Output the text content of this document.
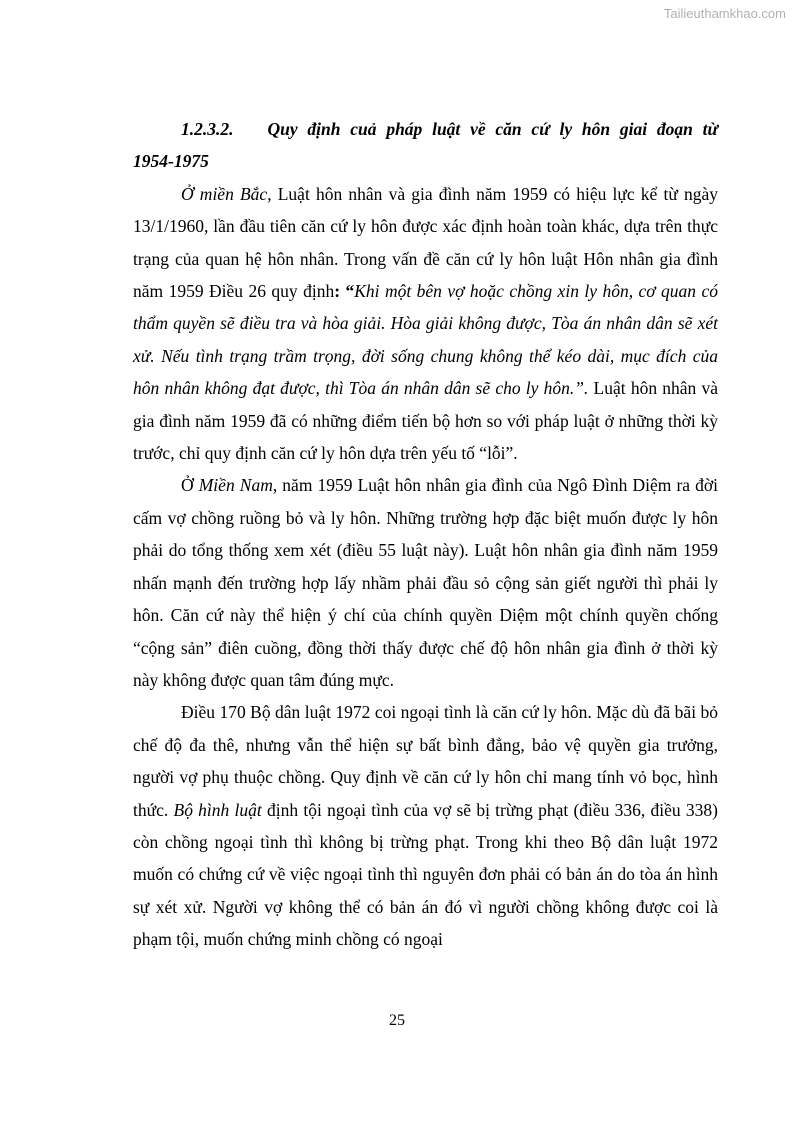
Tailieuthamkhao.com
1.2.3.2. Quy định cuả pháp luật về căn cứ ly hôn giai đoạn từ
1954-1975

Ở miền Bắc, Luật hôn nhân và gia đình năm 1959 có hiệu lực kể từ ngày 13/1/1960, lần đầu tiên căn cứ ly hôn được xác định hoàn toàn khác, dựa trên thực trạng của quan hệ hôn nhân. Trong vấn đề căn cứ ly hôn luật Hôn nhân gia đình năm 1959 Điều 26 quy định: “Khi một bên vợ hoặc chồng xin ly hôn, cơ quan có thẩm quyền sẽ điều tra và hòa giải. Hòa giải không được, Tòa án nhân dân sẽ xét xử. Nếu tình trạng trầm trọng, đời sống chung không thể kéo dài, mục đích của hôn nhân không đạt được, thì Tòa án nhân dân sẽ cho ly hôn.”. Luật hôn nhân và gia đình năm 1959 đã có những điểm tiến bộ hơn so với pháp luật ở những thời kỳ trước, chỉ quy định căn cứ ly hôn dựa trên yếu tố “lỗi”.

Ở Miền Nam, năm 1959 Luật hôn nhân gia đình của Ngô Đình Diệm ra đời cấm vợ chồng ruồng bỏ và ly hôn. Những trường hợp đặc biệt muốn được ly hôn phải do tổng thống xem xét (điều 55 luật này). Luật hôn nhân gia đình năm 1959 nhấn mạnh đến trường hợp lấy nhầm phải đầu sỏ cộng sản giết người thì phải ly hôn. Căn cứ này thể hiện ý chí của chính quyền Diệm một chính quyền chống “cộng sản” điên cuồng, đồng thời thấy được chế độ hôn nhân gia đình ở thời kỳ này không được quan tâm đúng mực.

Điều 170 Bộ dân luật 1972 coi ngoại tình là căn cứ ly hôn. Mặc dù đã bãi bỏ chế độ đa thê, nhưng vẫn thể hiện sự bất bình đẳng, bảo vệ quyền gia trưởng, người vợ phụ thuộc chồng. Quy định về căn cứ ly hôn chỉ mang tính vỏ bọc, hình thức. Bộ hình luật định tội ngoại tình của vợ sẽ bị trừng phạt (điều 336, điều 338) còn chồng ngoại tình thì không bị trừng phạt. Trong khi theo Bộ dân luật 1972 muốn có chứng cứ về việc ngoại tình thì nguyên đơn phải có bản án do tòa án hình sự xét xử. Người vợ không thể có bản án đó vì người chồng không được coi là phạm tội, muốn chứng minh chồng có ngoại

25
